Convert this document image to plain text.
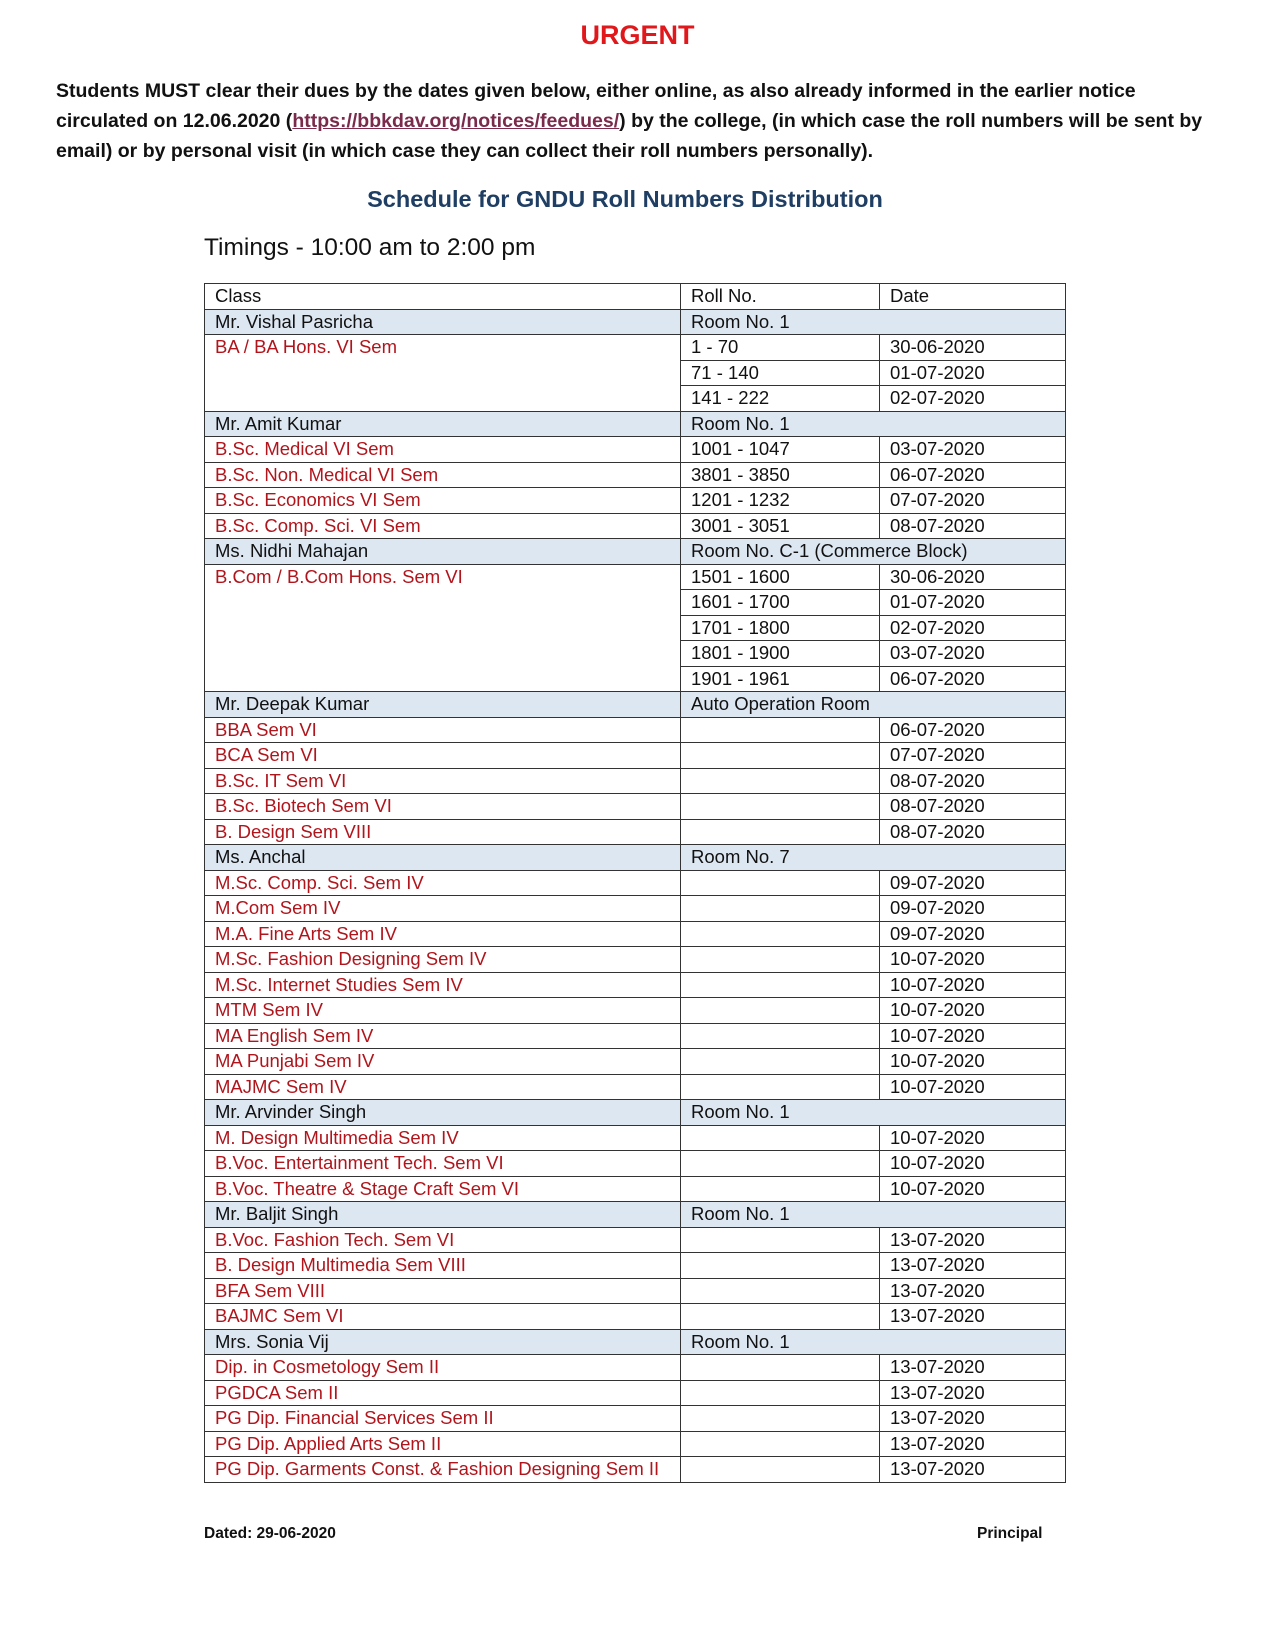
URGENT
Students MUST clear their dues by the dates given below, either online, as also already informed in the earlier notice circulated on 12.06.2020 (https://bbkdav.org/notices/feedues/) by the college, (in which case the roll numbers will be sent by email) or by personal visit (in which case they can collect their roll numbers personally).
Schedule for GNDU Roll Numbers Distribution
Timings - 10:00 am to 2:00 pm
Class	Roll No.	Date
Mr. Vishal Pasricha	Room No. 1	
BA / BA Hons. VI Sem	1 - 70	30-06-2020
	71 - 140	01-07-2020
	141 - 222	02-07-2020
Mr. Amit Kumar	Room No. 1	
B.Sc. Medical VI Sem	1001 - 1047	03-07-2020
B.Sc. Non. Medical VI Sem	3801 - 3850	06-07-2020
B.Sc. Economics VI Sem	1201 - 1232	07-07-2020
B.Sc. Comp. Sci. VI Sem	3001 - 3051	08-07-2020
Ms. Nidhi Mahajan	Room No. C-1 (Commerce Block)	
B.Com / B.Com Hons. Sem VI	1501 - 1600	30-06-2020
	1601 - 1700	01-07-2020
	1701 - 1800	02-07-2020
	1801 - 1900	03-07-2020
	1901 - 1961	06-07-2020
Mr. Deepak Kumar	Auto Operation Room	
BBA Sem VI		06-07-2020
BCA Sem VI		07-07-2020
B.Sc. IT Sem VI		08-07-2020
B.Sc. Biotech Sem VI		08-07-2020
B. Design Sem VIII		08-07-2020
Ms. Anchal	Room No. 7	
M.Sc. Comp. Sci. Sem IV		09-07-2020
M.Com Sem IV		09-07-2020
M.A. Fine Arts Sem IV		09-07-2020
M.Sc. Fashion Designing Sem IV		10-07-2020
M.Sc. Internet Studies Sem IV		10-07-2020
MTM Sem IV		10-07-2020
MA English Sem IV		10-07-2020
MA Punjabi Sem IV		10-07-2020
MAJMC Sem IV		10-07-2020
Mr. Arvinder Singh	Room No. 1	
M. Design Multimedia Sem IV		10-07-2020
B.Voc. Entertainment Tech. Sem VI		10-07-2020
B.Voc. Theatre & Stage Craft Sem VI		10-07-2020
Mr. Baljit Singh	Room No. 1	
B.Voc. Fashion Tech. Sem VI		13-07-2020
B. Design Multimedia Sem VIII		13-07-2020
BFA Sem VIII		13-07-2020
BAJMC Sem VI		13-07-2020
Mrs. Sonia Vij	Room No. 1	
Dip. in Cosmetology Sem II		13-07-2020
PGDCA Sem II		13-07-2020
PG Dip. Financial Services Sem II		13-07-2020
PG Dip. Applied Arts Sem II		13-07-2020
PG Dip. Garments Const. & Fashion Designing Sem II		13-07-2020
Dated: 29-06-2020	Principal
